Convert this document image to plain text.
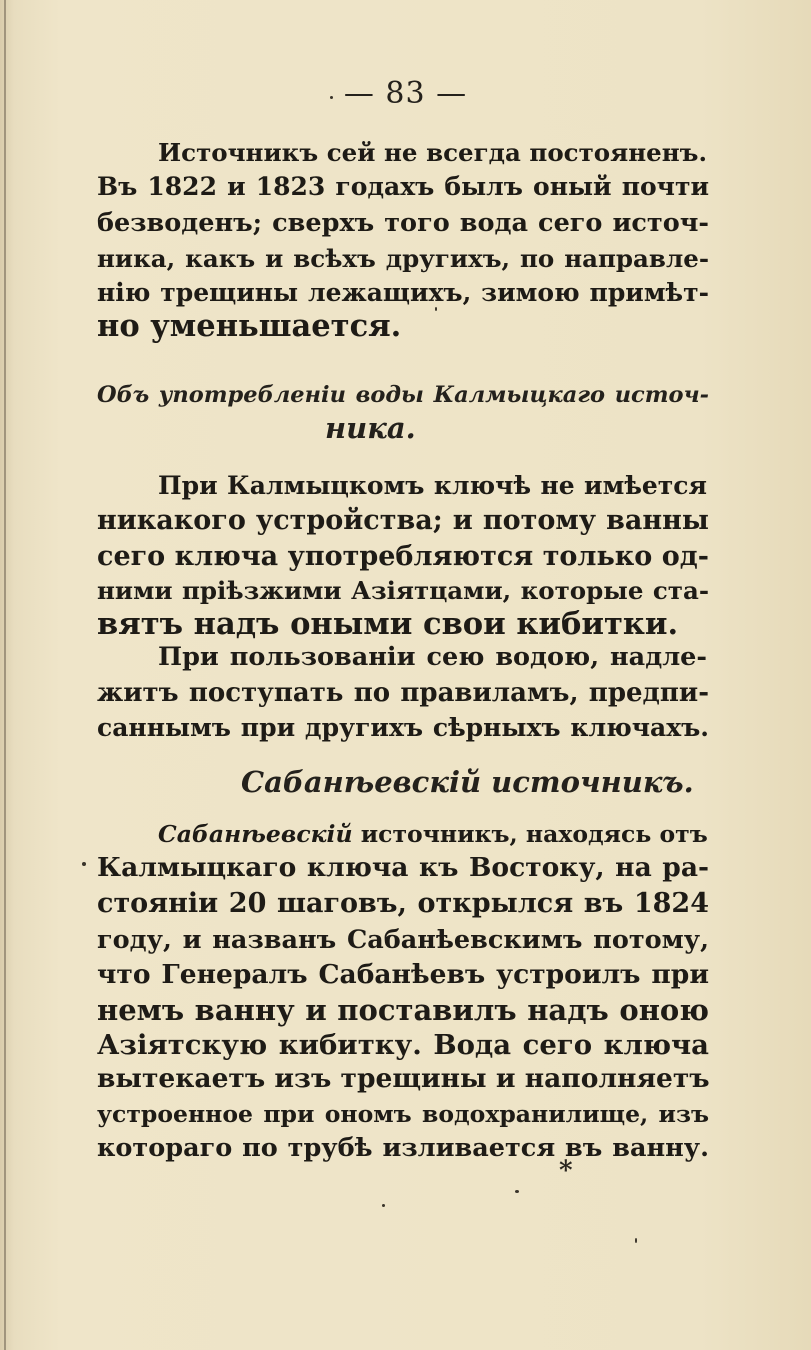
— 83 —
Источникъ сей не всегда постояненъ.
Въ 1822 и 1823 годахъ былъ оный почти
безводенъ; сверхъ того вода сего источ-
ника, какъ и всѣхъ другихъ, по направле-
нію трещины лежащихъ, зимою примѣт-
но уменьшается.
Объ употребленіи воды Калмыцкаго источ-
ника.
При Калмыцкомъ ключѣ не имѣется
никакого устройства; и потому ванны
сего ключа употребляются только од-
ними пріѣзжими Азіятцами, которые ста-
вятъ надъ оными свои кибитки.
При пользованіи сею водою, надле-
житъ поступать по правиламъ, предпи-
саннымъ при другихъ сѣрныхъ ключахъ.
Сабанѣевскій источникъ.
Сабанѣевскій источникъ, находясь отъ
Калмыцкаго ключа къ Востоку, на ра-
стояніи 20 шаговъ, открылся въ 1824
году, и названъ Сабанѣевскимъ потому,
что Генералъ Сабанѣевъ устроилъ при
немъ ванну и поставилъ надъ оною
Азіятскую кибитку. Вода сего ключа
вытекаетъ изъ трещины и наполняетъ
устроенное при ономъ водохранилище, изъ
котораго по трубѣ изливается въ ванну.
*
